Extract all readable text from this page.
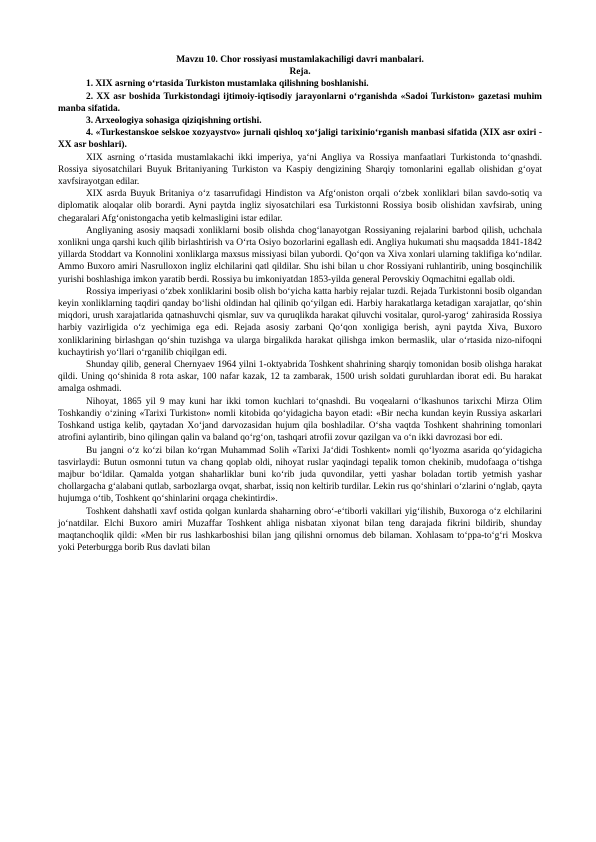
Mavzu 10. Chor rossiyasi mustamlakachiligi davri manbalari.

Reja.

1. XIX asrning o‘rtasida Turkiston mustamlaka qilishning boshlanishi.

2. XX asr boshida Turkistondagi ijtimoiy-iqtisodiy jarayonlarni o‘rganishda «Sadoi Turkiston» gazetasi muhim manba sifatida.

3. Arxeologiya sohasiga qiziqishning ortishi.

4. «Turkestanskoe selskoe xozyaystvo» jurnali qishloq xo‘jaligi tarixinio‘rganish manbasi sifatida (XIX asr oxiri - XX asr boshlari).

XIX asrning o‘rtasida mustamlakachi ikki imperiya, ya‘ni Angliya va Rossiya manfaatlari Turkistonda to‘qnashdi. Rossiya siyosatchilari Buyuk Britaniyaning Turkiston va Kaspiy dengizining Sharqiy tomonlarini egallab olishidan g‘oyat xavfsirayotgan edilar.

XIX asrda Buyuk Britaniya o‘z tasarrufidagi Hindiston va Afg‘oniston orqali o‘zbek xonliklari bilan savdo-sotiq va diplomatik aloqalar olib borardi. Ayni paytda ingliz siyosatchilari esa Turkistonni Rossiya bosib olishidan xavfsirab, uning chegaralari Afg‘onistongacha yetib kelmasligini istar edilar.

Angliyaning asosiy maqsadi xonliklarni bosib olishda chog‘lanayotgan Rossiyaning rejalarini barbod qilish, uchchala xonlikni unga qarshi kuch qilib birlashtirish va O‘rta Osiyo bozorlarini egallash edi. Angliya hukumati shu maqsadda 1841-1842 yillarda Stoddart va Konnolini xonliklarga maxsus missiyasi bilan yubordi. Qo‘qon va Xiva xonlari ularning taklifiga ko‘ndilar. Ammo Buxoro amiri Nasrulloxon ingliz elchilarini qatl qildilar. Shu ishi bilan u chor Rossiyani ruhlantirib, uning bosqinchilik yurishi boshlashiga imkon yaratib berdi. Rossiya bu imkoniyatdan 1853-yilda general Perovskiy Oqmachitni egallab oldi.

Rossiya imperiyasi o‘zbek xonliklarini bosib olish bo‘yicha katta harbiy rejalar tuzdi. Rejada Turkistonni bosib olgandan keyin xonliklarning taqdiri qanday bo‘lishi oldindan hal qilinib qo‘yilgan edi. Harbiy harakatlarga ketadigan xarajatlar, qo‘shin miqdori, urush xarajatlarida qatnashuvchi qismlar, suv va quruqlikda harakat qiluvchi vositalar, qurol-yarog‘ zahirasida Rossiya harbiy vazirligida o‘z yechimiga ega edi. Rejada asosiy zarbani Qo‘qon xonligiga berish, ayni paytda Xiva, Buxoro xonliklarining birlashgan qo‘shin tuzishga va ularga birgalikda harakat qilishga imkon bermaslik, ular o‘rtasida nizo-nifoqni kuchaytirish yo‘llari o‘rganilib chiqilgan edi.

Shunday qilib, general Chernyaev 1964 yilni 1-oktyabrida Toshkent shahrining sharqiy tomonidan bosib olishga harakat qildi. Uning qo‘shinida 8 rota askar, 100 nafar kazak, 12 ta zambarak, 1500 urish soldati guruhlardan iborat edi. Bu harakat amalga oshmadi.

Nihoyat, 1865 yil 9 may kuni har ikki tomon kuchlari to‘qnashdi. Bu voqealarni o‘lkashunos tarixchi Mirza Olim Toshkandiy o‘zining «Tarixi Turkiston» nomli kitobida qo‘yidagicha bayon etadi: «Bir necha kundan keyin Russiya askarlari Toshkand ustiga kelib, qaytadan Xo‘jand darvozasidan hujum qila boshladilar. O‘sha vaqtda Toshkent shahrining tomonlari atrofini aylantirib, bino qilingan qalin va baland qo‘rg‘on, tashqari atrofii zovur qazilgan va o‘n ikki davrozasi bor edi.

Bu jangni o‘z ko‘zi bilan ko‘rgan Muhammad Solih «Tarixi Ja‘didi Toshkent» nomli qo‘lyozma asarida qo‘yidagicha tasvirlaydi: Butun osmonni tutun va chang qoplab oldi, nihoyat ruslar yaqindagi tepalik tomon chekinib, mudofaaga o‘tishga majbur bo‘ldilar. Qamalda yotgan shaharliklar buni ko‘rib juda quvondilar, yetti yashar boladan tortib yetmish yashar chollargacha g‘alabani qutlab, sarbozlarga ovqat, sharbat, issiq non keltirib turdilar. Lekin rus qo‘shinlari o‘zlarini o‘nglab, qayta hujumga o‘tib, Toshkent qo‘shinlarini orqaga chekintirdi».

Toshkent dahshatli xavf ostida qolgan kunlarda shaharning obro‘-e‘tiborli vakillari yig‘ilishib, Buxoroga o‘z elchilarini jo‘natdilar. Elchi Buxoro amiri Muzaffar Toshkent ahliga nisbatan xiyonat bilan teng darajada fikrini bildirib, shunday maqtanchoqlik qildi: «Men bir rus lashkarboshisi bilan jang qilishni ornomus deb bilaman. Xohlasam to‘ppa-to‘g‘ri Moskva yoki Peterburgga borib Rus davlati bilan
